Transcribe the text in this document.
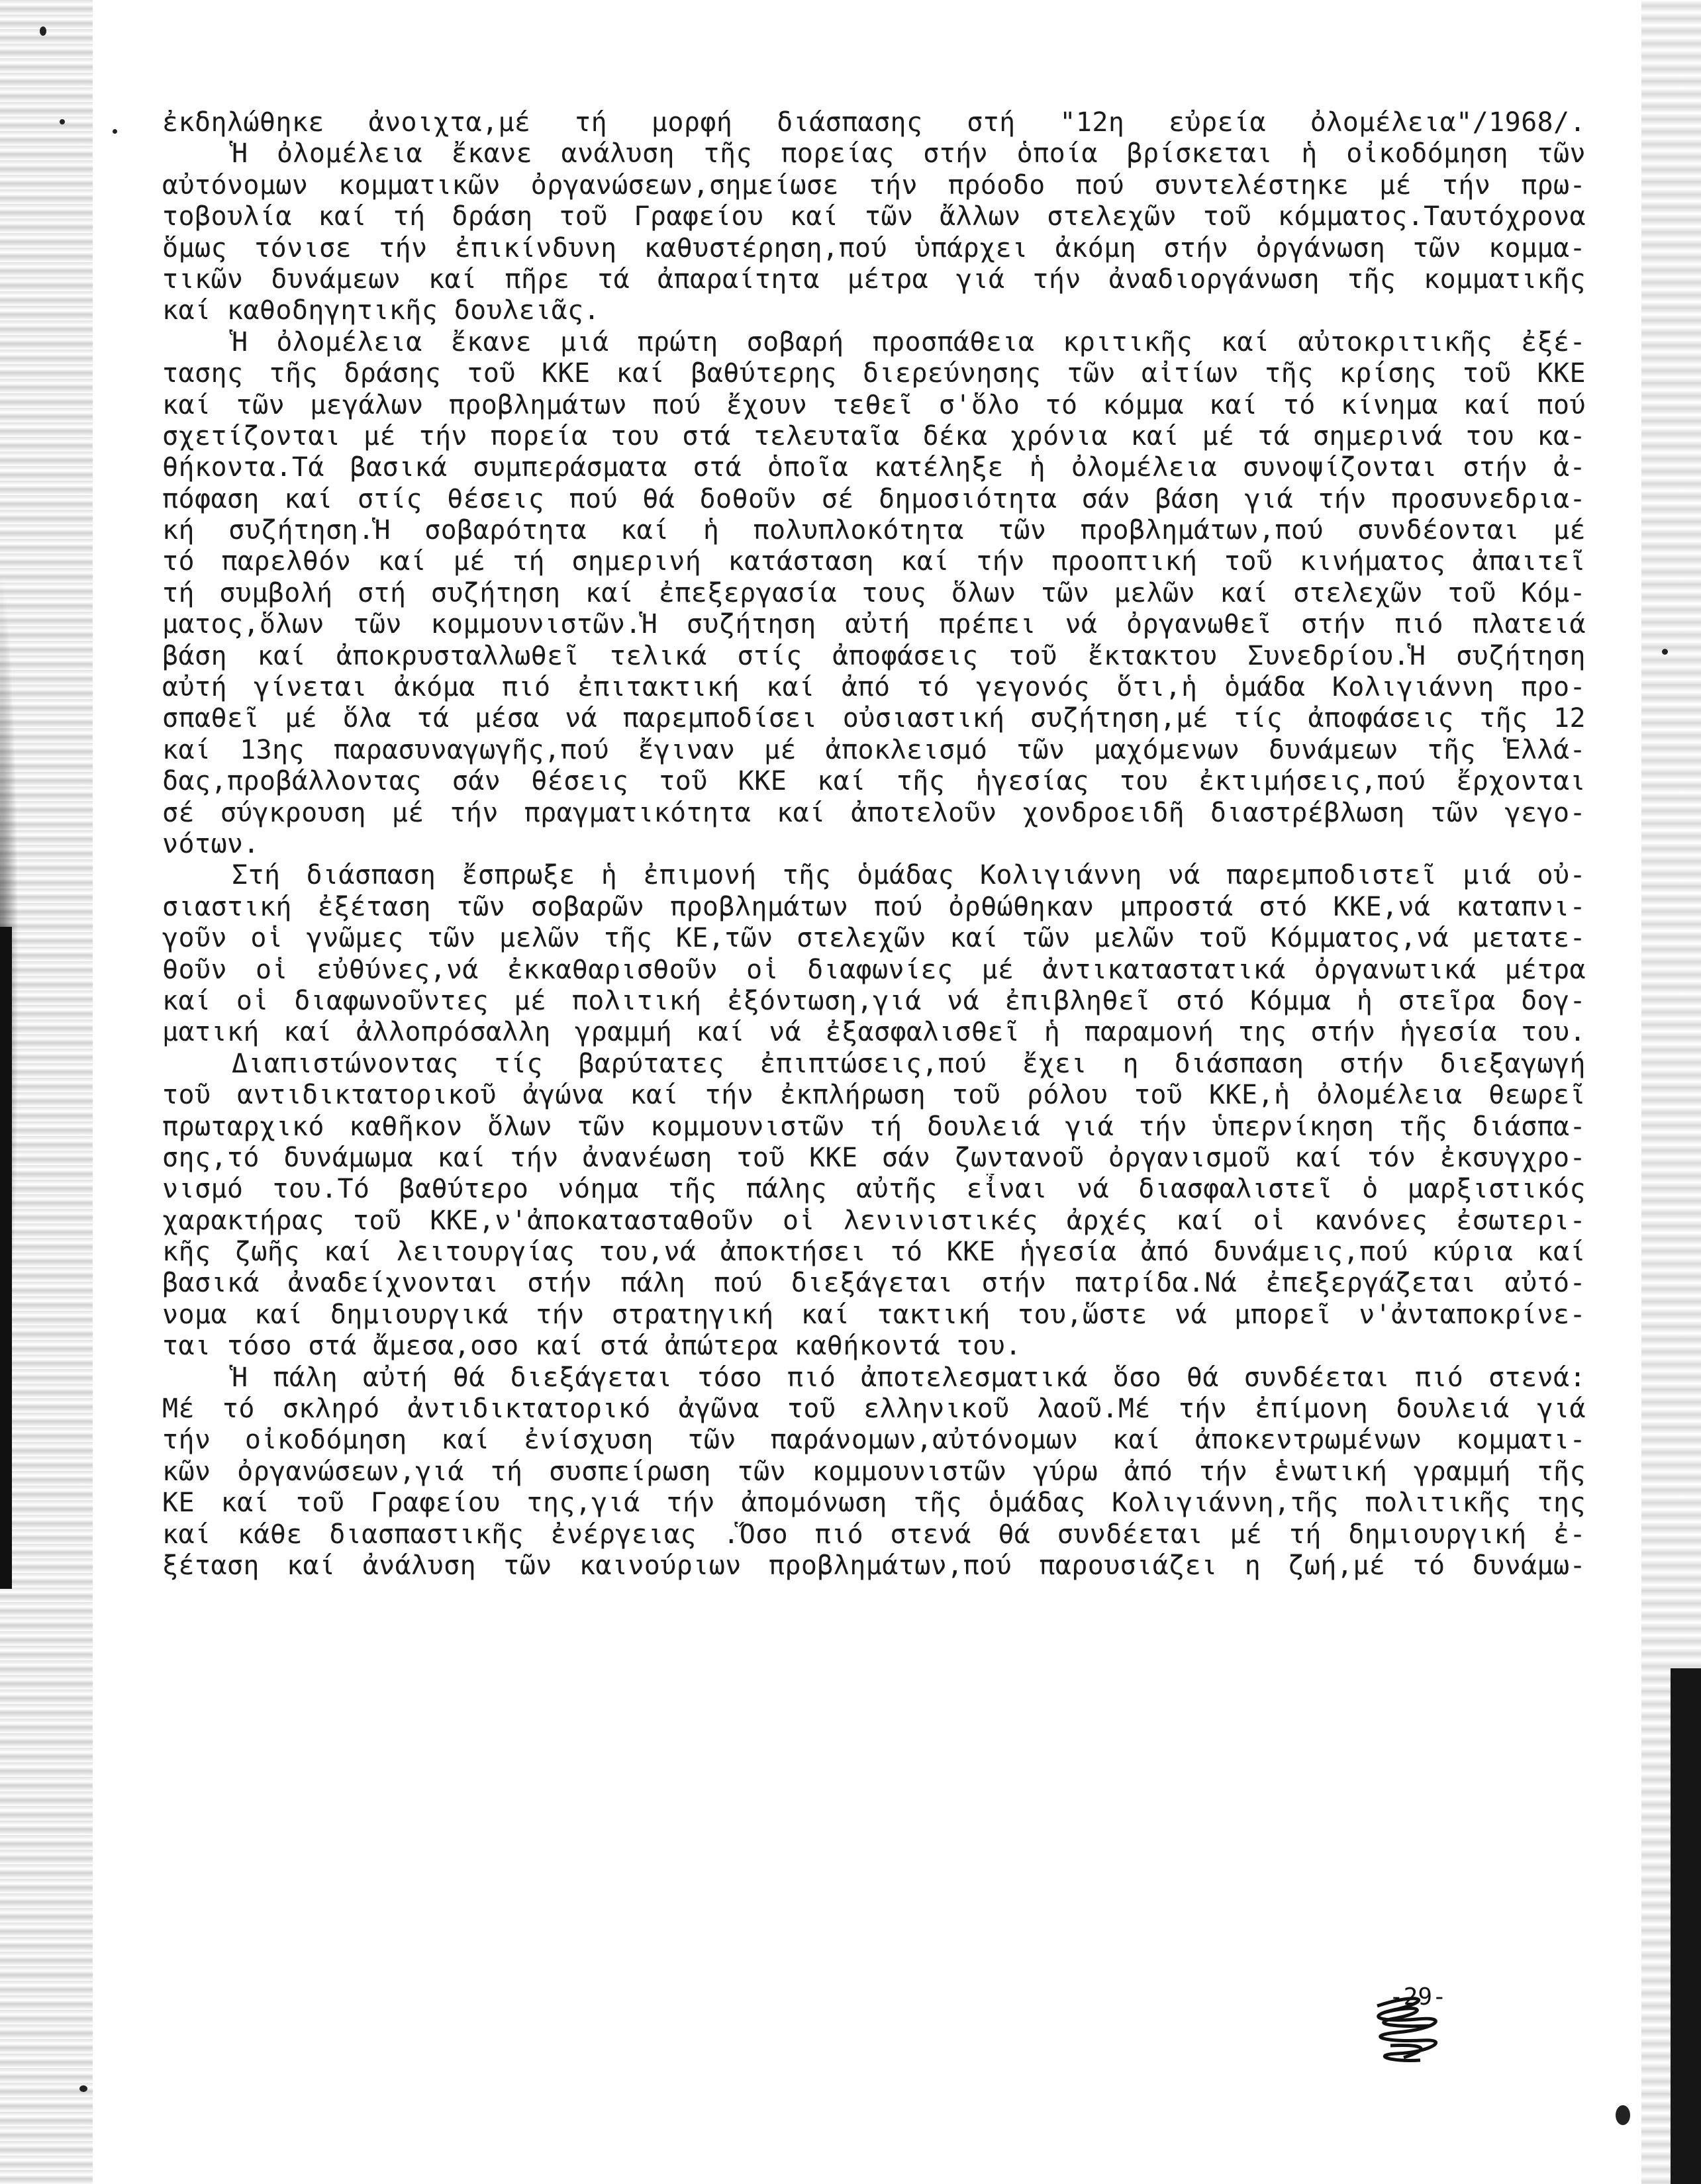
ἐκδηλώθηκε ἀνοιχτα,μέ τή μορφή διάσπασης στή "12η εὐρεία ὀλομέλεια"/1968/.
Ἡ ὀλομέλεια ἔκανε ανάλυση τῆς πορείας στήν ὁποία βρίσκεται ἡ οἰκοδόμηση τῶν
αὐτόνομων κομματικῶν ὀργανώσεων,σημείωσε τήν πρόοδο πού συντελέστηκε μέ τήν πρω-
τοβουλία καί τή δράση τοῦ Γραφείου καί τῶν ἄλλων στελεχῶν τοῦ κόμματος.Ταυτόχρονα
ὅμως τόνισε τήν ἐπικίνδυνη καθυστέρηση,πού ὑπάρχει ἀκόμη στήν ὀργάνωση τῶν κομμα-
τικῶν δυνάμεων καί πῆρε τά ἀπαραίτητα μέτρα γιά τήν ἀναδιοργάνωση τῆς κομματικῆς
καί καθοδηγητικῆς δουλειᾶς.
Ἡ ὀλομέλεια ἔκανε μιά πρώτη σοβαρή προσπάθεια κριτικῆς καί αὐτοκριτικῆς ἐξέ-
τασης τῆς δράσης τοῦ ΚΚΕ καί βαθύτερης διερεύνησης τῶν αἰτίων τῆς κρίσης τοῦ ΚΚΕ
καί τῶν μεγάλων προβλημάτων πού ἔχουν τεθεῖ σ'ὅλο τό κόμμα καί τό κίνημα καί πού
σχετίζονται μέ τήν πορεία του στά τελευταῖα δέκα χρόνια καί μέ τά σημερινά του κα-
θήκοντα.Τά βασικά συμπεράσματα στά ὁποῖα κατέληξε ἡ ὀλομέλεια συνοψίζονται στήν ἀ-
πόφαση καί στίς θέσεις πού θά δοθοῦν σέ δημοσιότητα σάν βάση γιά τήν προσυνεδρια-
κή συζήτηση.Ἡ σοβαρότητα καί ἡ πολυπλοκότητα τῶν προβλημάτων,πού συνδέονται μέ
τό παρελθόν καί μέ τή σημερινή κατάσταση καί τήν προοπτική τοῦ κινήματος ἀπαιτεῖ
τή συμβολή στή συζήτηση καί ἐπεξεργασία τους ὅλων τῶν μελῶν καί στελεχῶν τοῦ Κόμ-
ματος,ὅλων τῶν κομμουνιστῶν.Ἡ συζήτηση αὐτή πρέπει νά ὀργανωθεῖ στήν πιό πλατειά
βάση καί ἀποκρυσταλλωθεῖ τελικά στίς ἀποφάσεις τοῦ ἔκτακτου Συνεδρίου.Ἡ συζήτηση
αὐτή γίνεται ἀκόμα πιό ἐπιτακτική καί ἀπό τό γεγονός ὅτι,ἡ ὁμάδα Κολιγιάννη προ-
σπαθεῖ μέ ὅλα τά μέσα νά παρεμποδίσει οὐσιαστική συζήτηση,μέ τίς ἀποφάσεις τῆς 12
καί 13ης παρασυναγωγῆς,πού ἔγιναν μέ ἀποκλεισμό τῶν μαχόμενων δυνάμεων τῆς Ἑλλά-
δας,προβάλλοντας σάν θέσεις τοῦ ΚΚΕ καί τῆς ἡγεσίας του ἐκτιμήσεις,πού ἔρχονται
σέ σύγκρουση μέ τήν πραγματικότητα καί ἀποτελοῦν χονδροειδῆ διαστρέβλωση τῶν γεγο-
νότων.
Στή διάσπαση ἔσπρωξε ἡ ἐπιμονή τῆς ὁμάδας Κολιγιάννη νά παρεμποδιστεῖ μιά οὐ-
σιαστική ἐξέταση τῶν σοβαρῶν προβλημάτων πού ὀρθώθηκαν μπροστά στό ΚΚΕ,νά καταπνι-
γοῦν οἱ γνῶμες τῶν μελῶν τῆς ΚΕ,τῶν στελεχῶν καί τῶν μελῶν τοῦ Κόμματος,νά μετατε-
θοῦν οἱ εὐθύνες,νά ἐκκαθαρισθοῦν οἱ διαφωνίες μέ ἀντικαταστατικά ὀργανωτικά μέτρα
καί οἱ διαφωνοῦντες μέ πολιτική ἐξόντωση,γιά νά ἐπιβληθεῖ στό Κόμμα ἡ στεῖρα δογ-
ματική καί ἀλλοπρόσαλλη γραμμή καί νά ἐξασφαλισθεῖ ἡ παραμονή της στήν ἡγεσία του.
Διαπιστώνοντας τίς βαρύτατες ἐπιπτώσεις,πού ἔχει η διάσπαση στήν διεξαγωγή
τοῦ αντιδικτατορικοῦ ἀγώνα καί τήν ἐκπλήρωση τοῦ ρόλου τοῦ ΚΚΕ,ἡ ὀλομέλεια θεωρεῖ
πρωταρχικό καθῆκον ὅλων τῶν κομμουνιστῶν τή δουλειά γιά τήν ὑπερνίκηση τῆς διάσπα-
σης,τό δυνάμωμα καί τήν ἀνανέωση τοῦ ΚΚΕ σάν ζωντανοῦ ὀργανισμοῦ καί τόν ἐκσυγχρο-
νισμό του.Τό βαθύτερο νόημα τῆς πάλης αὐτῆς εἶναι νά διασφαλιστεῖ ὁ μαρξιστικός
χαρακτήρας τοῦ ΚΚΕ,ν'ἀποκατασταθοῦν οἱ λενινιστικές ἀρχές καί οἱ κανόνες ἐσωτερι-
κῆς ζωῆς καί λειτουργίας του,νά ἀποκτήσει τό ΚΚΕ ἡγεσία ἀπό δυνάμεις,πού κύρια καί
βασικά ἀναδείχνονται στήν πάλη πού διεξάγεται στήν πατρίδα.Νά ἐπεξεργάζεται αὐτό-
νομα καί δημιουργικά τήν στρατηγική καί τακτική του,ὥστε νά μπορεῖ ν'ἀνταποκρίνε-
ται τόσο στά ἄμεσα,οσο καί στά ἀπώτερα καθήκοντά του.
Ἡ πάλη αὐτή θά διεξάγεται τόσο πιό ἀποτελεσματικά ὅσο θά συνδέεται πιό στενά:
Μέ τό σκληρό ἀντιδικτατορικό ἀγῶνα τοῦ ελληνικοῦ λαοῦ.Μέ τήν ἐπίμονη δουλειά γιά
τήν οἰκοδόμηση καί ἐνίσχυση τῶν παράνομων,αὐτόνομων καί ἀποκεντρωμένων κομματι-
κῶν ὀργανώσεων,γιά τή συσπείρωση τῶν κομμουνιστῶν γύρω ἀπό τήν ἑνωτική γραμμή τῆς
ΚΕ καί τοῦ Γραφείου της,γιά τήν ἀπομόνωση τῆς ὁμάδας Κολιγιάννη,τῆς πολιτικῆς της
καί κάθε διασπαστικῆς ἐνέργειας .Ὅσο πιό στενά θά συνδέεται μέ τή δημιουργική ἐ-
ξέταση καί ἀνάλυση τῶν καινούριων προβλημάτων,πού παρουσιάζει η ζωή,μέ τό δυνάμω-
-29-
